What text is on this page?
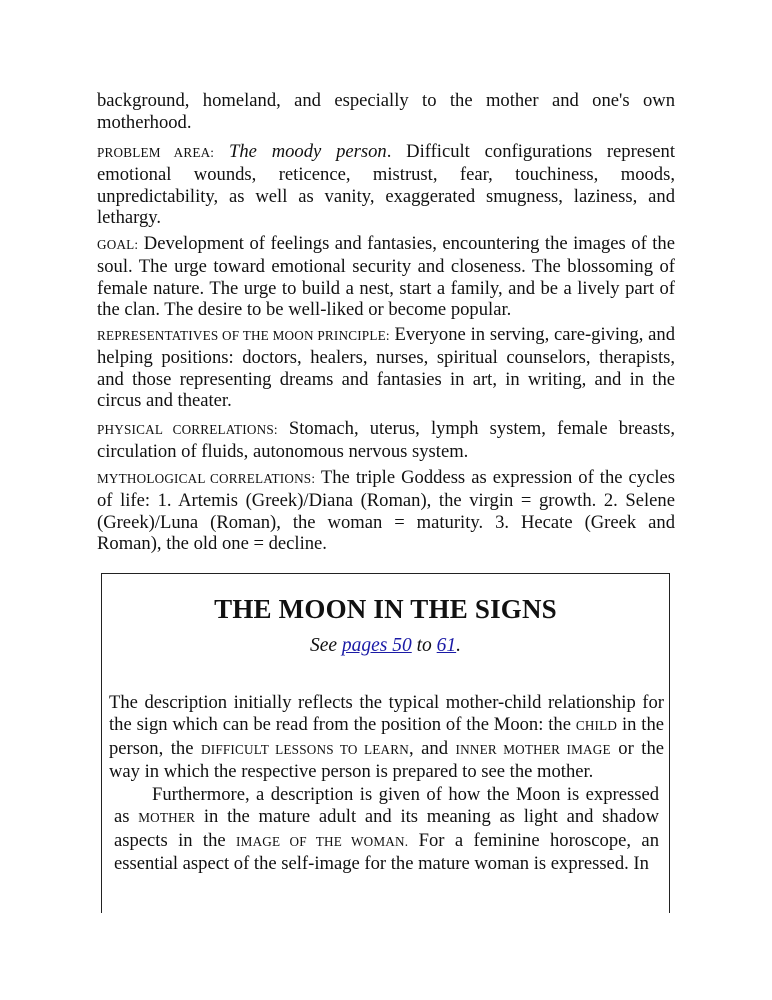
background, homeland, and especially to the mother and one's own motherhood.

PROBLEM AREA: The moody person. Difficult configurations represent emotional wounds, reticence, mistrust, fear, touchiness, moods, unpredictability, as well as vanity, exaggerated smugness, laziness, and lethargy.

GOAL: Development of feelings and fantasies, encountering the images of the soul. The urge toward emotional security and closeness. The blossoming of female nature. The urge to build a nest, start a family, and be a lively part of the clan. The desire to be well-liked or become popular.

REPRESENTATIVES OF THE MOON PRINCIPLE: Everyone in serving, care-giving, and helping positions: doctors, healers, nurses, spiritual counselors, therapists, and those representing dreams and fantasies in art, in writing, and in the circus and theater.

PHYSICAL CORRELATIONS: Stomach, uterus, lymph system, female breasts, circulation of fluids, autonomous nervous system.

MYTHOLOGICAL CORRELATIONS: The triple Goddess as expression of the cycles of life: 1. Artemis (Greek)/Diana (Roman), the virgin = growth. 2. Selene (Greek)/Luna (Roman), the woman = maturity. 3. Hecate (Greek and Roman), the old one = decline.

THE MOON IN THE SIGNS
See pages 50 to 61.

The description initially reflects the typical mother-child relationship for the sign which can be read from the position of the Moon: the CHILD in the person, the DIFFICULT LESSONS TO LEARN, and INNER MOTHER IMAGE or the way in which the respective person is prepared to see the mother.

Furthermore, a description is given of how the Moon is expressed as MOTHER in the mature adult and its meaning as light and shadow aspects in the IMAGE OF THE WOMAN. For a feminine horoscope, an essential aspect of the self-image for the mature woman is expressed. In
